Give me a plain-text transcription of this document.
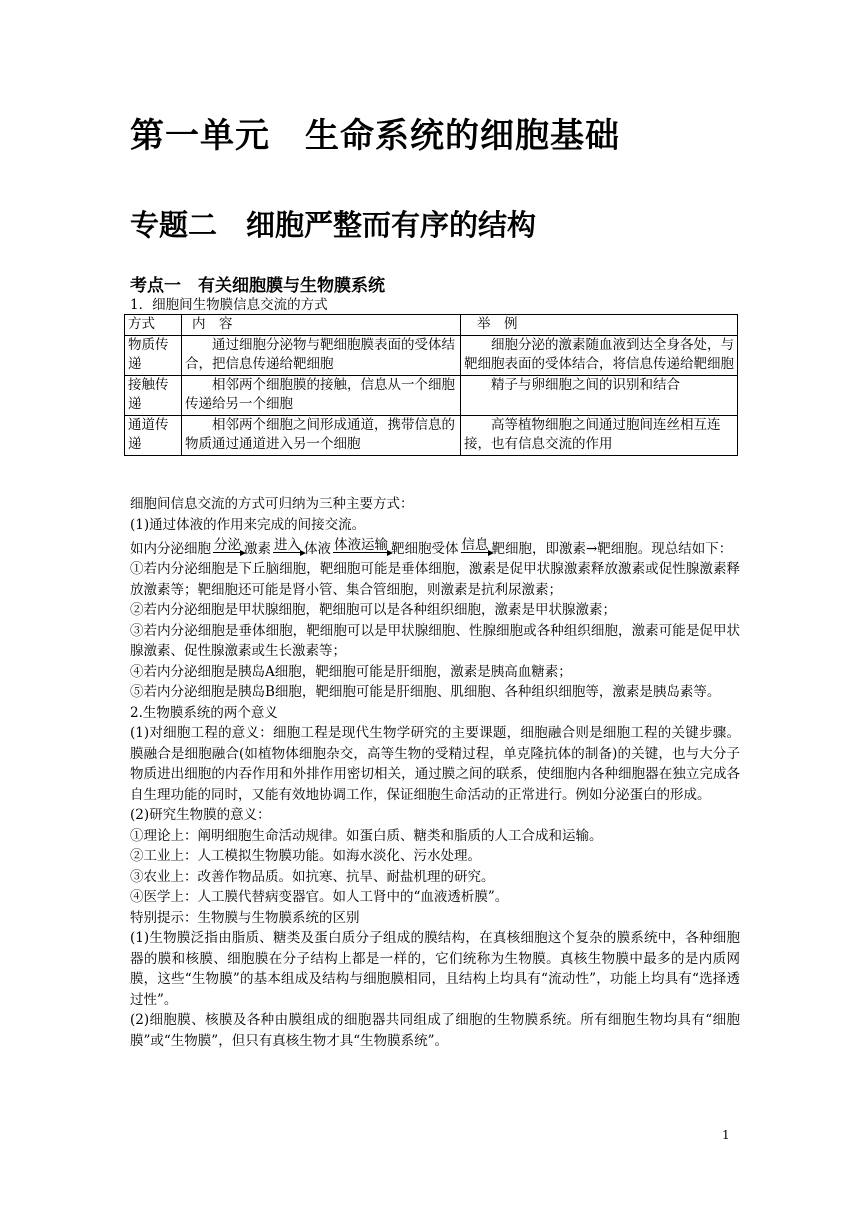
第一单元　生命系统的细胞基础
专题二　细胞严整而有序的结构
考点一　有关细胞膜与生物膜系统
1．细胞间生物膜信息交流的方式
方式	内　容	举　例
物质传递	通过细胞分泌物与靶细胞膜表面的受体结合，把信息传递给靶细胞	细胞分泌的激素随血液到达全身各处，与靶细胞表面的受体结合，将信息传递给靶细胞
接触传递	相邻两个细胞膜的接触，信息从一个细胞传递给另一个细胞	精子与卵细胞之间的识别和结合
通道传递	相邻两个细胞之间形成通道，携带信息的物质通过通道进入另一个细胞	高等植物细胞之间通过胞间连丝相互连接，也有信息交流的作用

细胞间信息交流的方式可归纳为三种主要方式：

(1)通过体液的作用来完成的间接交流。

如内分泌细胞 分泌 激素 进入 体液 体液运输 靶细胞受体 信息 靶细胞，即激素→靶细胞。现总结如下：

①若内分泌细胞是下丘脑细胞，靶细胞可能是垂体细胞，激素是促甲状腺激素释放激素或促性腺激素释放激素等；靶细胞还可能是肾小管、集合管细胞，则激素是抗利尿激素；

②若内分泌细胞是甲状腺细胞，靶细胞可以是各种组织细胞，激素是甲状腺激素；

③若内分泌细胞是垂体细胞，靶细胞可以是甲状腺细胞、性腺细胞或各种组织细胞，激素可能是促甲状腺激素、促性腺激素或生长激素等；

④若内分泌细胞是胰岛A细胞，靶细胞可能是肝细胞，激素是胰高血糖素；

⑤若内分泌细胞是胰岛B细胞，靶细胞可能是肝细胞、肌细胞、各种组织细胞等，激素是胰岛素等。

2.生物膜系统的两个意义

(1)对细胞工程的意义：细胞工程是现代生物学研究的主要课题，细胞融合则是细胞工程的关键步骤。 膜融合是细胞融合(如植物体细胞杂交，高等生物的受精过程，单克隆抗体的制备)的关键，也与大分子物质进出细胞的内吞作用和外排作用密切相关，通过膜之间的联系，使细胞内各种细胞器在独立完成各自生理功能的同时，又能有效地协调工作，保证细胞生命活动的正常进行。例如分泌蛋白的形成。

(2)研究生物膜的意义：

①理论上：阐明细胞生命活动规律。如蛋白质、糖类和脂质的人工合成和运输。

②工业上：人工模拟生物膜功能。如海水淡化、污水处理。

③农业上：改善作物品质。如抗寒、抗旱、耐盐机理的研究。

④医学上：人工膜代替病变器官。如人工肾中的“血液透析膜”。

特别提示：生物膜与生物膜系统的区别

(1)生物膜泛指由脂质、糖类及蛋白质分子组成的膜结构，在真核细胞这个复杂的膜系统中，各种细胞器的膜和核膜、细胞膜在分子结构上都是一样的，它们统称为生物膜。真核生物膜中最多的是内质网膜，这些“生物膜”的基本组成及结构与细胞膜相同，且结构上均具有“流动性”，功能上均具有“选择透过性”。

(2)细胞膜、核膜及各种由膜组成的细胞器共同组成了细胞的生物膜系统。所有细胞生物均具有“细胞膜”或“生物膜”，但只有真核生物才具“生物膜系统”。

1
